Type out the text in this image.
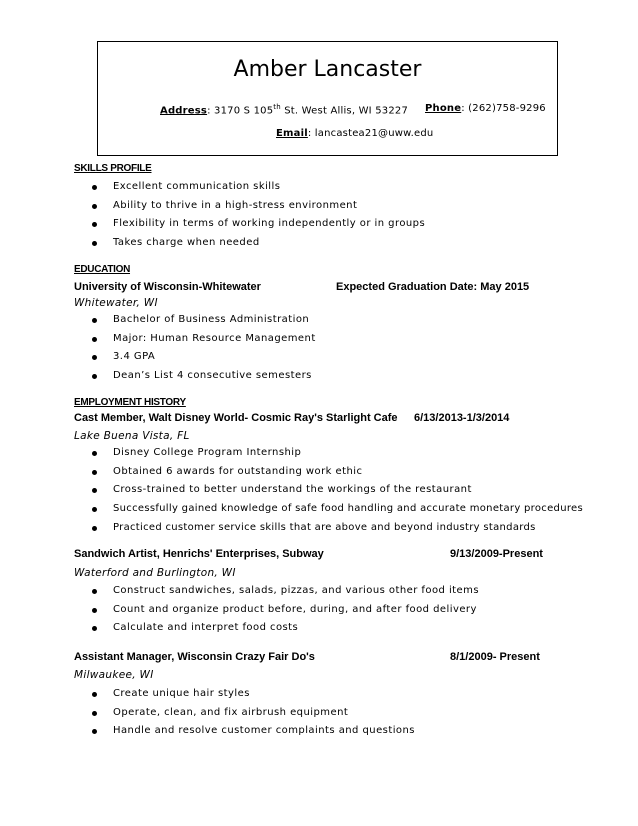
Amber Lancaster
Address: 3170 S 105th St. West Allis, WI 53227 Phone: (262)758-9296
Email: lancastea21@uww.edu
SKILLS PROFILE
Excellent communication skills
Ability to thrive in a high-stress environment
Flexibility in terms of working independently or in groups
Takes charge when needed
EDUCATION
University of Wisconsin-Whitewater	Expected Graduation Date: May 2015
Whitewater, WI
Bachelor of Business Administration
Major: Human Resource Management
3.4 GPA
Dean’s List 4 consecutive semesters
EMPLOYMENT HISTORY
Cast Member, Walt Disney World- Cosmic Ray's Starlight Cafe 6/13/2013-1/3/2014
Lake Buena Vista, FL
Disney College Program Internship
Obtained 6 awards for outstanding work ethic
Cross-trained to better understand the workings of the restaurant
Successfully gained knowledge of safe food handling and accurate monetary procedures
Practiced customer service skills that are above and beyond industry standards
Sandwich Artist, Henrichs' Enterprises, Subway	9/13/2009-Present
Waterford and Burlington, WI
Construct sandwiches, salads, pizzas, and various other food items
Count and organize product before, during, and after food delivery
Calculate and interpret food costs
Assistant Manager, Wisconsin Crazy Fair Do's	8/1/2009- Present
Milwaukee, WI
Create unique hair styles
Operate, clean, and fix airbrush equipment
Handle and resolve customer complaints and questions
